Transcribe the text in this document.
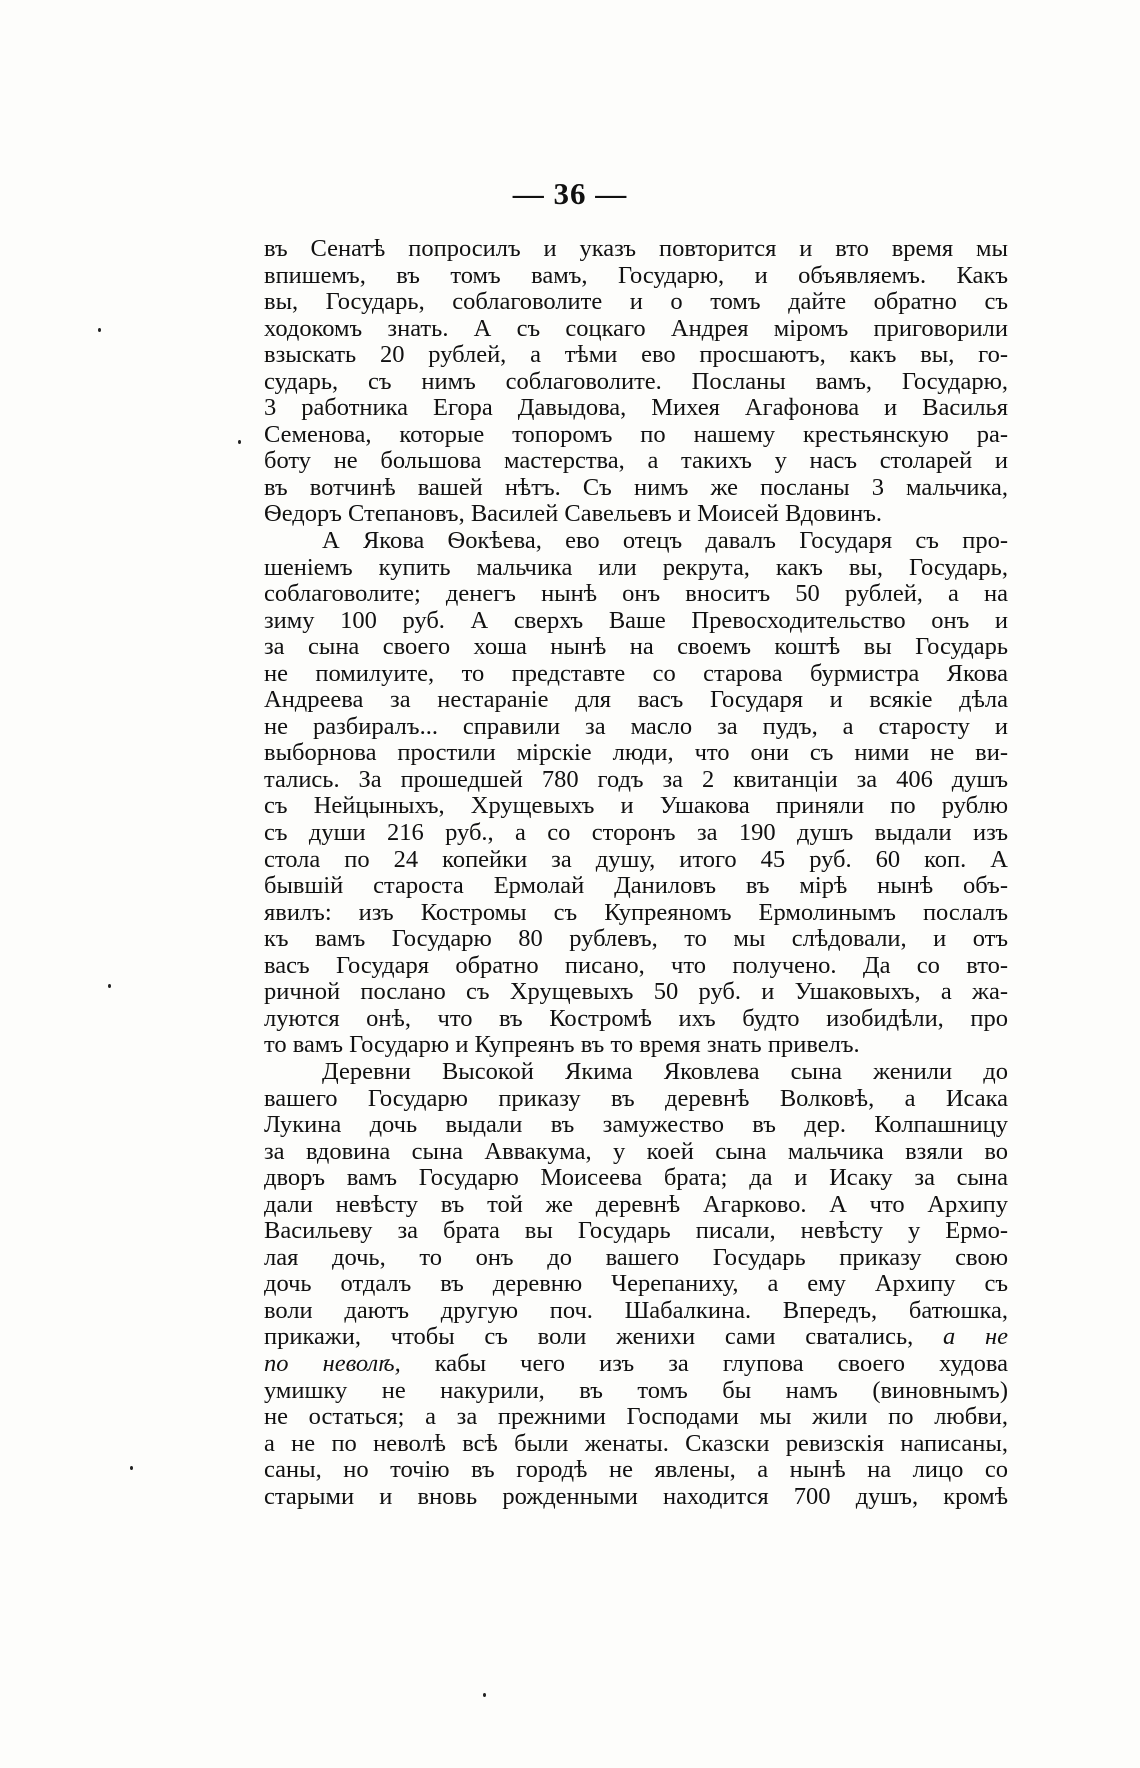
— 36 —
въ Сенатѣ попросилъ и указъ повторится и вто время мы
впишемъ, въ томъ вамъ, Государю, и объявляемъ. Какъ
вы, Государь, соблаговолите и о томъ дайте обратно съ
ходокомъ знать. А съ соцкаго Андрея міромъ приговорили
взыскать 20 рублей, а тѣми ево просшаютъ, какъ вы, го-
сударь, съ нимъ соблаговолите. Посланы вамъ, Государю,
3 работника Егора Давыдова, Михея Агафонова и Василья
Семенова, которые топоромъ по нашему крестьянскую ра-
боту не большова мастерства, а такихъ у насъ столарей и
въ вотчинѣ вашей нѣтъ. Съ нимъ же посланы 3 мальчика,
Ѳедоръ Степановъ, Василей Савельевъ и Моисей Вдовинъ.
А Якова Ѳокѣева, ево отецъ давалъ Государя съ про-
шеніемъ купить мальчика или рекрута, какъ вы, Государь,
соблаговолите; денегъ нынѣ онъ вноситъ 50 рублей, а на
зиму 100 руб. А сверхъ Ваше Превосходительство онъ и
за сына своего хоша нынѣ на своемъ коштѣ вы Государь
не помилуите, то представте со старова бурмистра Якова
Андреева за нестараніе для васъ Государя и всякіе дѣла
не разбиралъ... справили за масло за пудъ, а старосту и
выборнова простили мірскіе люди, что они съ ними не ви-
тались. За прошедшей 780 годъ за 2 квитанціи за 406 душъ
съ Нейцыныхъ, Хрущевыхъ и Ушакова приняли по рублю
съ души 216 руб., а со сторонъ за 190 душъ выдали изъ
стола по 24 копейки за душу, итого 45 руб. 60 коп. А
бывшій староста Ермолай Даниловъ въ мірѣ нынѣ объ-
явилъ: изъ Костромы съ Купреяномъ Ермолинымъ послалъ
къ вамъ Государю 80 рублевъ, то мы слѣдовали, и отъ
васъ Государя обратно писано, что получено. Да со вто-
ричной послано съ Хрущевыхъ 50 руб. и Ушаковыхъ, а жа-
луются онѣ, что въ Костромѣ ихъ будто изобидѣли, про
то вамъ Государю и Купреянъ въ то время знать привелъ.
Деревни Высокой Якима Яковлева сына женили до
вашего Государю приказу въ деревнѣ Волковѣ, а Исака
Лукина дочь выдали въ замужество въ дер. Колпашницу
за вдовина сына Аввакума, у коей сына мальчика взяли во
дворъ вамъ Государю Моисеева брата; да и Исаку за сына
дали невѣсту въ той же деревнѣ Агарково. А что Архипу
Васильеву за брата вы Государь писали, невѣсту у Ермо-
лая дочь, то онъ до вашего Государь приказу свою
дочь отдалъ въ деревню Черепаниху, а ему Архипу съ
воли даютъ другую поч. Шабалкина. Впередъ, батюшка,
прикажи, чтобы съ воли женихи сами сватались, а не
по неволѣ, кабы чего изъ за глупова своего худова
умишку не накурили, въ томъ бы намъ (виновнымъ)
не остаться; а за прежними Господами мы жили по любви,
а не по неволѣ всѣ были женаты. Сказски ревизскія написаны,
саны, но точію въ городѣ не явлены, а нынѣ на лицо со
старыми и вновь рожденными находится 700 душъ, кромѣ
